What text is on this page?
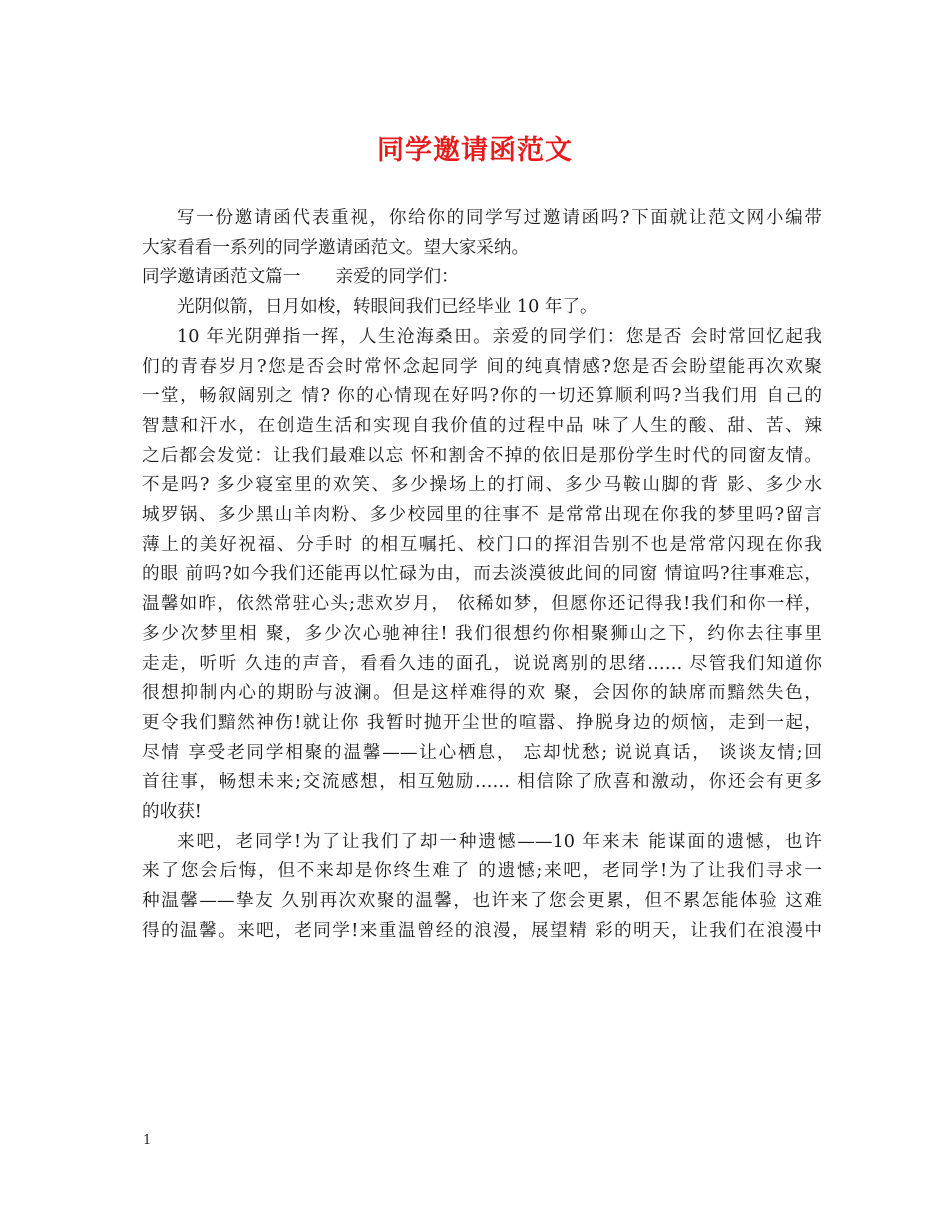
同学邀请函范文
写一份邀请函代表重视，你给你的同学写过邀请函吗?下面就让范文网小编带
大家看看一系列的同学邀请函范文。望大家采纳。
同学邀请函范文篇一　　亲爱的同学们：
光阴似箭，日月如梭，转眼间我们已经毕业 10 年了。
10 年光阴弹指一挥，人生沧海桑田。亲爱的同学们：您是否 会时常回忆起我
们的青春岁月?您是否会时常怀念起同学 间的纯真情感?您是否会盼望能再次欢聚
一堂，畅叙阔别之 情? 你的心情现在好吗?你的一切还算顺利吗?当我们用 自己的
智慧和汗水，在创造生活和实现自我价值的过程中品 味了人生的酸、甜、苦、辣
之后都会发觉：让我们最难以忘 怀和割舍不掉的依旧是那份学生时代的同窗友情。
不是吗? 多少寝室里的欢笑、多少操场上的打闹、多少马鞍山脚的背 影、多少水
城罗锅、多少黑山羊肉粉、多少校园里的往事不 是常常出现在你我的梦里吗?留言
薄上的美好祝福、分手时 的相互嘱托、校门口的挥泪告别不也是常常闪现在你我
的眼 前吗?如今我们还能再以忙碌为由，而去淡漠彼此间的同窗 情谊吗?往事难忘，
温馨如昨，依然常驻心头;悲欢岁月， 依稀如梦，但愿你还记得我!我们和你一样，
多少次梦里相 聚，多少次心驰神往! 我们很想约你相聚狮山之下，约你去往事里
走走，听听 久违的声音，看看久违的面孔，说说离别的思绪…… 尽管我们知道你
很想抑制内心的期盼与波澜。但是这样难得的欢 聚，会因你的缺席而黯然失色，
更令我们黯然神伤!就让你 我暂时抛开尘世的喧嚣、挣脱身边的烦恼，走到一起，
尽情 享受老同学相聚的温馨——让心栖息， 忘却忧愁; 说说真话， 谈谈友情;回
首往事，畅想未来;交流感想，相互勉励…… 相信除了欣喜和激动，你还会有更多
的收获!
来吧，老同学!为了让我们了却一种遗憾——10 年来未 能谋面的遗憾，也许
来了您会后悔，但不来却是你终生难了 的遗憾;来吧，老同学!为了让我们寻求一
种温馨——挚友 久别再次欢聚的温馨，也许来了您会更累，但不累怎能体验 这难
得的温馨。来吧，老同学!来重温曾经的浪漫，展望精 彩的明天，让我们在浪漫中
1
